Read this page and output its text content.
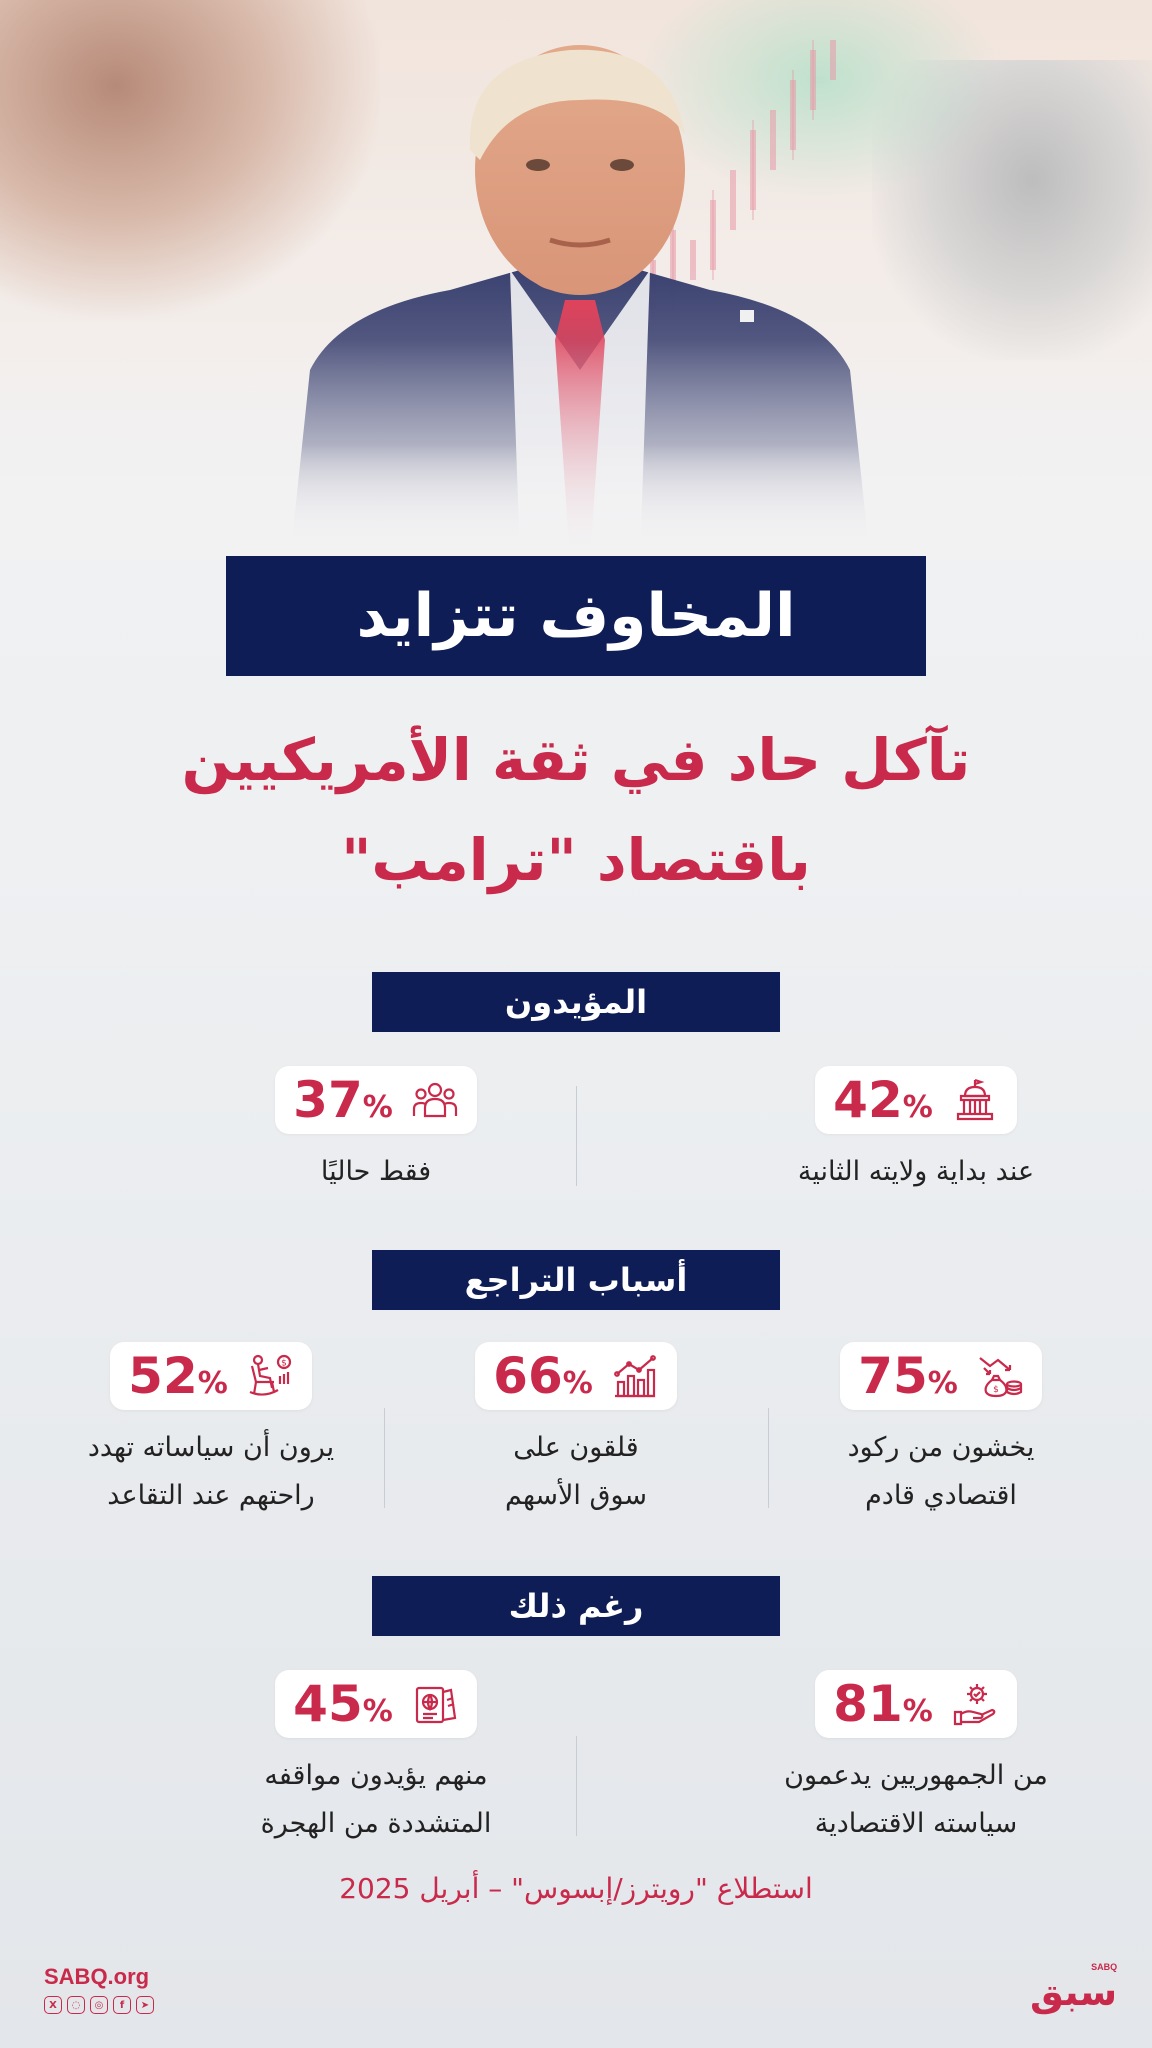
المخاوف تتزايد
تآكل حاد في ثقة الأمريكيين
باقتصاد "ترامب"
المؤيدون
42 %
عند بداية ولايته الثانية
37 %
فقط حاليًا
أسباب التراجع
$
75 %
يخشون من ركود
اقتصادي قادم
66 %
قلقون على
سوق الأسهم
$
52 %
يرون أن سياساته تهدد
راحتهم عند التقاعد
رغم ذلك
81 %
من الجمهوريين يدعمون
سياسته الاقتصادية
45 %
منهم يؤيدون مواقفه
المتشددة من الهجرة
استطلاع "رويترز/إبسوس" – أبريل 2025
SABQ.org
X	◌	◎	f	➤
SABQ
سبق
